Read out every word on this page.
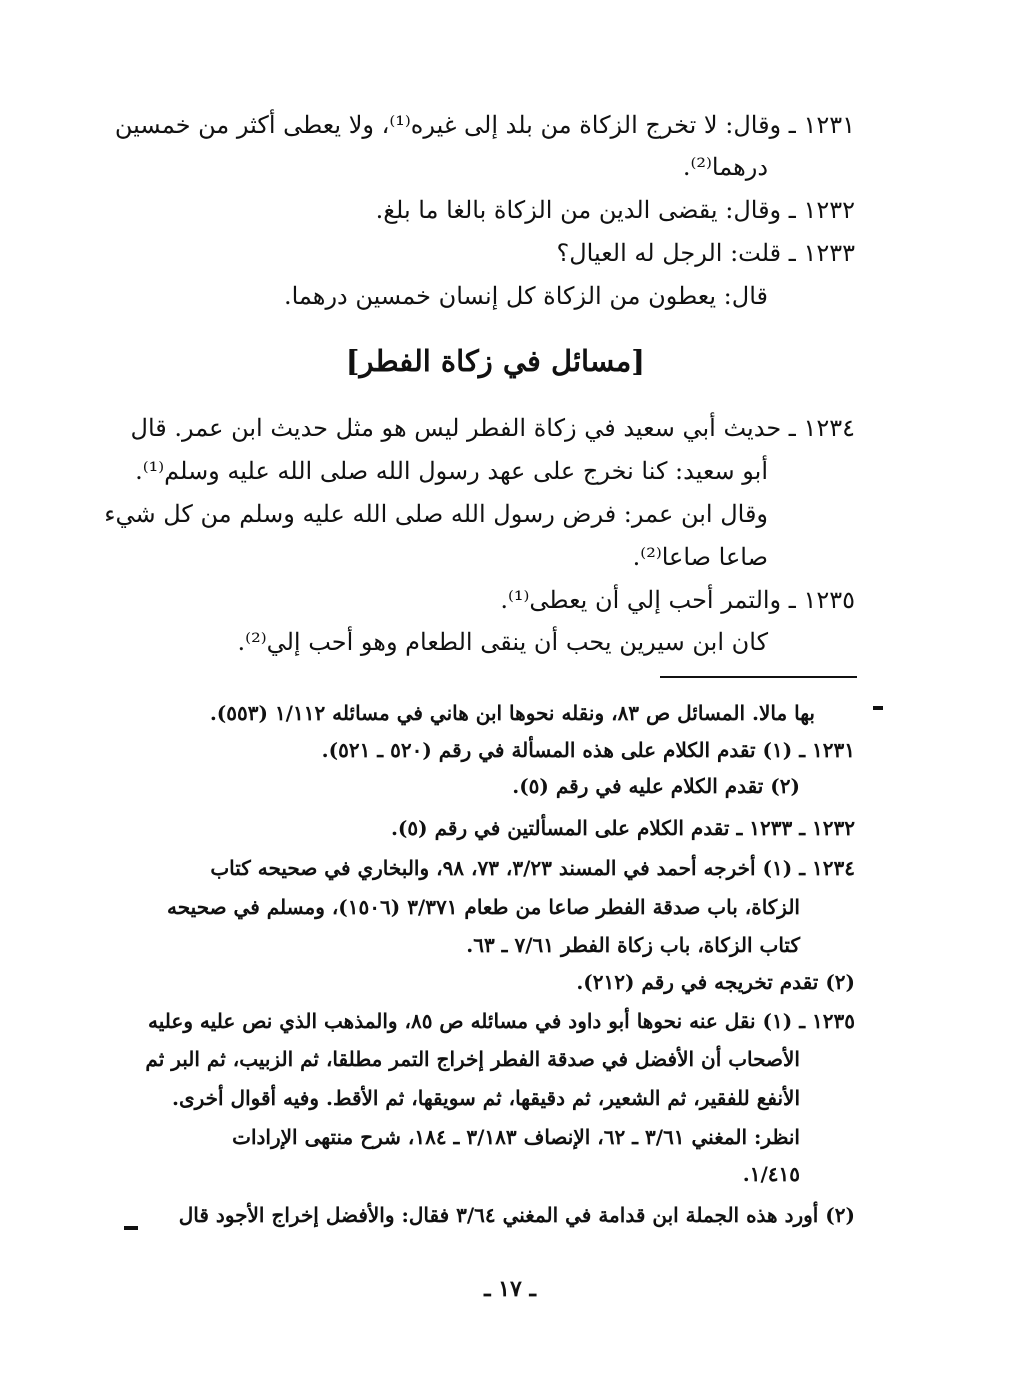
١٢٣١ ـ وقال: لا تخرج الزكاة من بلد إلى غيره⁽¹⁾، ولا يعطى أكثر من خمسين
درهما⁽²⁾.
١٢٣٢ ـ وقال: يقضى الدين من الزكاة بالغا ما بلغ.
١٢٣٣ ـ قلت: الرجل له العيال؟
قال: يعطون من الزكاة كل إنسان خمسين درهما.
[مسائل في زكاة الفطر]
١٢٣٤ ـ حديث أبي سعيد في زكاة الفطر ليس هو مثل حديث ابن عمر. قال
أبو سعيد: كنا نخرج على عهد رسول الله صلى الله عليه وسلم⁽¹⁾.
وقال ابن عمر: فرض رسول الله صلى الله عليه وسلم من كل شيء
صاعا صاعا⁽²⁾.
١٢٣٥ ـ والتمر أحب إلي أن يعطى⁽¹⁾.
كان ابن سيرين يحب أن ينقى الطعام وهو أحب إلي⁽²⁾.
بها مالا. المسائل ص ٨٣، ونقله نحوها ابن هاني في مسائله ١/١١٢ (٥٥٣).
١٢٣١ ـ (١) تقدم الكلام على هذه المسألة في رقم (٥٢٠ ـ ٥٢١).
(٢) تقدم الكلام عليه في رقم (٥).
١٢٣٢ ـ ١٢٣٣ ـ تقدم الكلام على المسألتين في رقم (٥).
١٢٣٤ ـ (١) أخرجه أحمد في المسند ٣/٢٣، ٧٣، ٩٨، والبخاري في صحيحه كتاب
الزكاة، باب صدقة الفطر صاعا من طعام ٣/٣٧١ (١٥٠٦)، ومسلم في صحيحه
كتاب الزكاة، باب زكاة الفطر ٧/٦١ ـ ٦٣.
(٢) تقدم تخريجه في رقم (٢١٢).
١٢٣٥ ـ (١) نقل عنه نحوها أبو داود في مسائله ص ٨٥، والمذهب الذي نص عليه وعليه
الأصحاب أن الأفضل في صدقة الفطر إخراج التمر مطلقا، ثم الزبيب، ثم البر ثم
الأنفع للفقير، ثم الشعير، ثم دقيقها، ثم سويقها، ثم الأقط. وفيه أقوال أخرى.
انظر: المغني ٣/٦١ ـ ٦٢، الإنصاف ٣/١٨٣ ـ ١٨٤، شرح منتهى الإرادات
١/٤١٥.
(٢) أورد هذه الجملة ابن قدامة في المغني ٣/٦٤ فقال: والأفضل إخراج الأجود قال
ـ ١٧ ـ
